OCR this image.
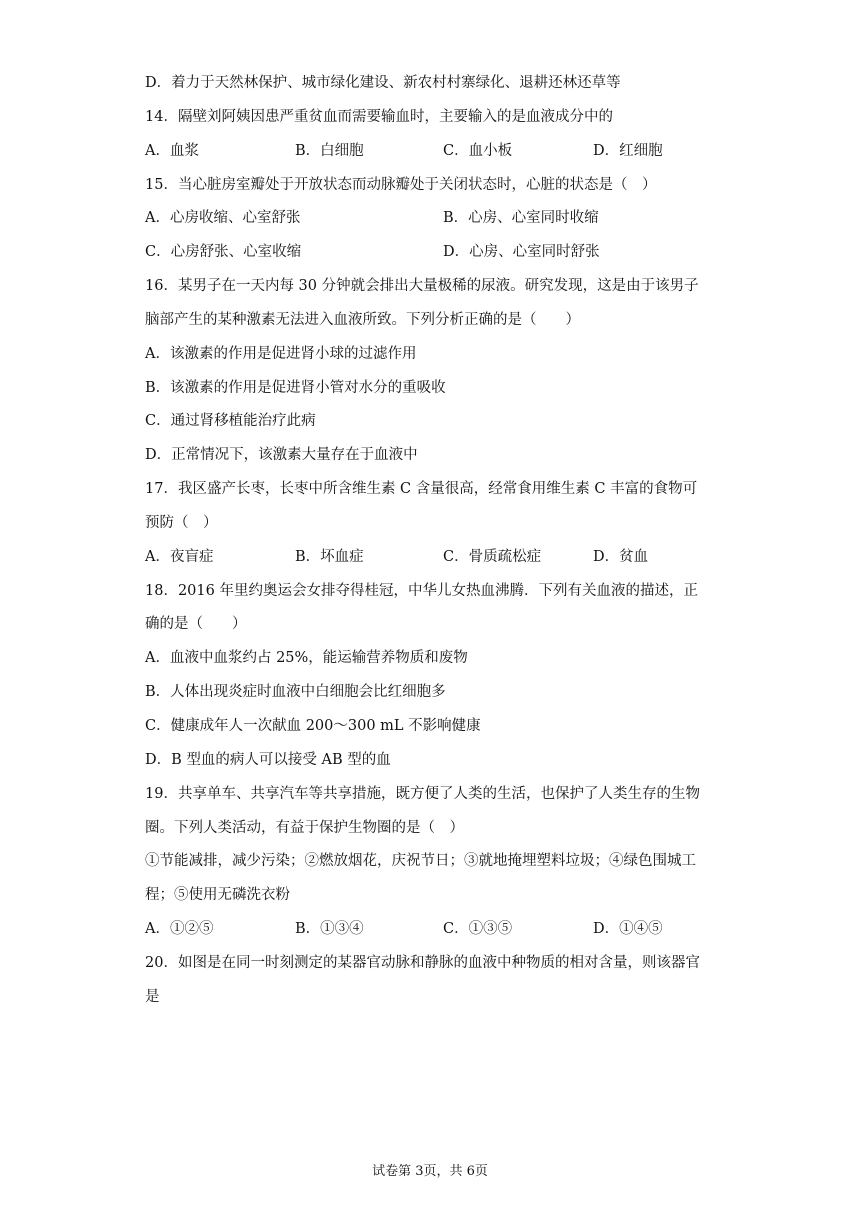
D．着力于天然林保护、城市绿化建设、新农村村寨绿化、退耕还林还草等
14．隔壁刘阿姨因患严重贫血而需要输血时，主要输入的是血液成分中的
A．血浆	B．白细胞	C．血小板	D．红细胞
15．当心脏房室瓣处于开放状态而动脉瓣处于关闭状态时，心脏的状态是（　）
A．心房收缩、心室舒张	B．心房、心室同时收缩
C．心房舒张、心室收缩	D．心房、心室同时舒张
16．某男子在一天内每 30 分钟就会排出大量极稀的尿液。研究发现，这是由于该男子
脑部产生的某种激素无法进入血液所致。下列分析正确的是（　　）
A．该激素的作用是促进肾小球的过滤作用
B．该激素的作用是促进肾小管对水分的重吸收
C．通过肾移植能治疗此病
D．正常情况下，该激素大量存在于血液中
17．我区盛产长枣，长枣中所含维生素 C 含量很高，经常食用维生素 C 丰富的食物可
预防（　）
A．夜盲症	B．坏血症	C．骨质疏松症	D．贫血
18．2016 年里约奥运会女排夺得桂冠，中华儿女热血沸腾．下列有关血液的描述，正
确的是（　　）
A．血液中血浆约占 25%，能运输营养物质和废物
B．人体出现炎症时血液中白细胞会比红细胞多
C．健康成年人一次献血 200～300 mL 不影响健康
D．B 型血的病人可以接受 AB 型的血
19．共享单车、共享汽车等共享措施，既方便了人类的生活，也保护了人类生存的生物
圈。下列人类活动，有益于保护生物圈的是（　）
①节能减排，减少污染；②燃放烟花，庆祝节日；③就地掩埋塑料垃圾；④绿色围城工
程；⑤使用无磷洗衣粉
A．①②⑤	B．①③④	C．①③⑤	D．①④⑤
20．如图是在同一时刻测定的某器官动脉和静脉的血液中种物质的相对含量，则该器官
是
试卷第 3页，共 6页
